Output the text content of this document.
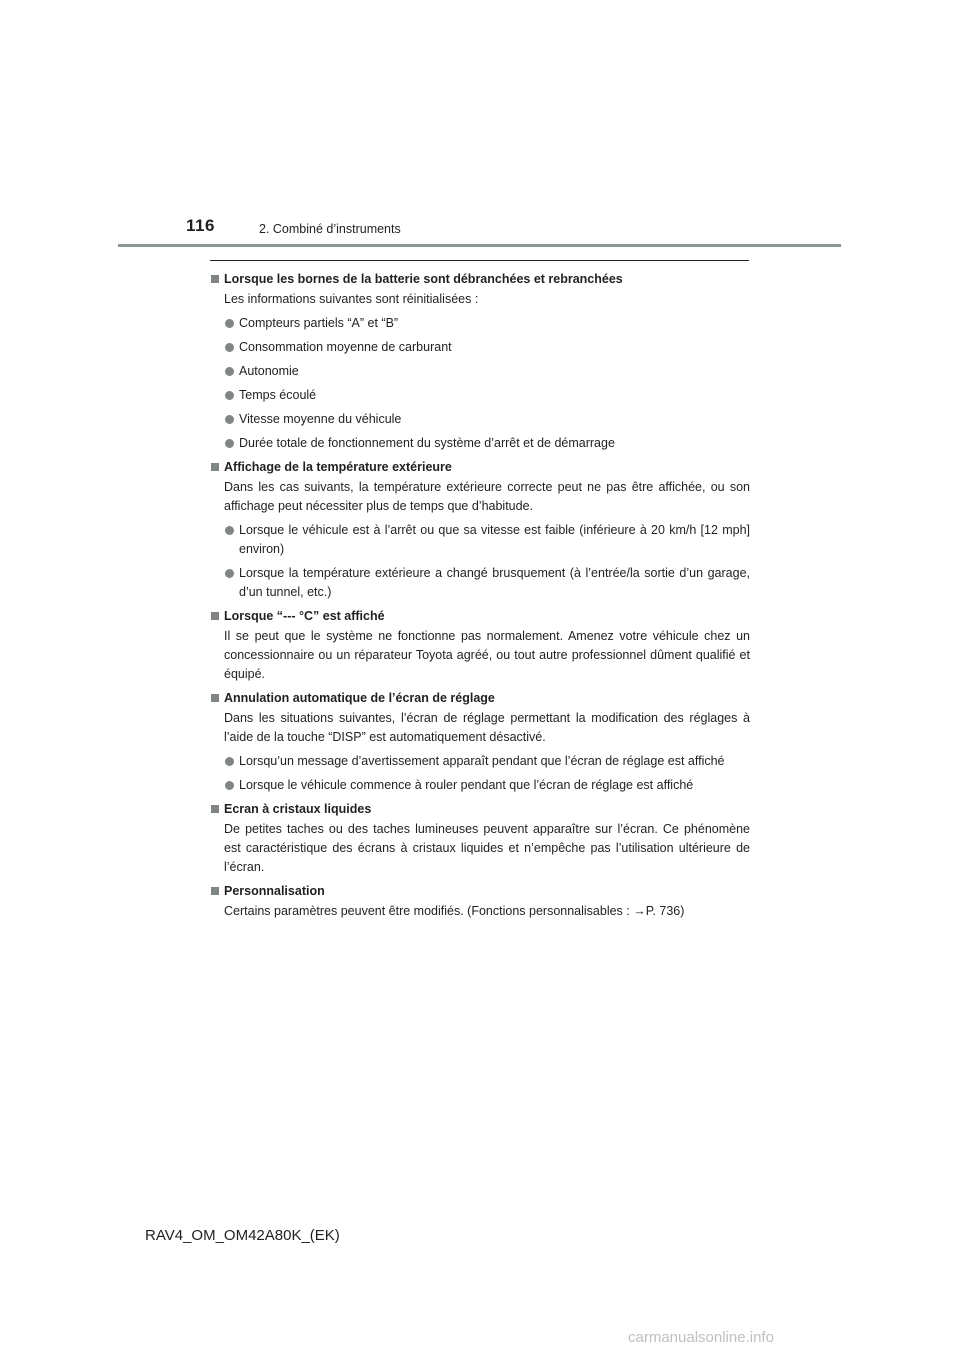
116	2. Combiné d’instruments
Lorsque les bornes de la batterie sont débranchées et rebranchées
Les informations suivantes sont réinitialisées :
Compteurs partiels “A” et “B”
Consommation moyenne de carburant
Autonomie
Temps écoulé
Vitesse moyenne du véhicule
Durée totale de fonctionnement du système d’arrêt et de démarrage
Affichage de la température extérieure
Dans les cas suivants, la température extérieure correcte peut ne pas être affichée, ou son affichage peut nécessiter plus de temps que d’habitude.
Lorsque le véhicule est à l’arrêt ou que sa vitesse est faible (inférieure à 20 km/h [12 mph] environ)
Lorsque la température extérieure a changé brusquement (à l’entrée/la sortie d’un garage, d’un tunnel, etc.)
Lorsque “--- °C” est affiché
Il se peut que le système ne fonctionne pas normalement. Amenez votre véhicule chez un concessionnaire ou un réparateur Toyota agréé, ou tout autre professionnel dûment qualifié et équipé.
Annulation automatique de l’écran de réglage
Dans les situations suivantes, l’écran de réglage permettant la modification des réglages à l’aide de la touche “DISP” est automatiquement désactivé.
Lorsqu’un message d’avertissement apparaît pendant que l’écran de réglage est affiché
Lorsque le véhicule commence à rouler pendant que l’écran de réglage est affiché
Ecran à cristaux liquides
De petites taches ou des taches lumineuses peuvent apparaître sur l’écran. Ce phénomène est caractéristique des écrans à cristaux liquides et n’empêche pas l’utilisation ultérieure de l’écran.
Personnalisation
Certains paramètres peuvent être modifiés. (Fonctions personnalisables : →P. 736)
RAV4_OM_OM42A80K_(EK)
carmanualsonline.info
